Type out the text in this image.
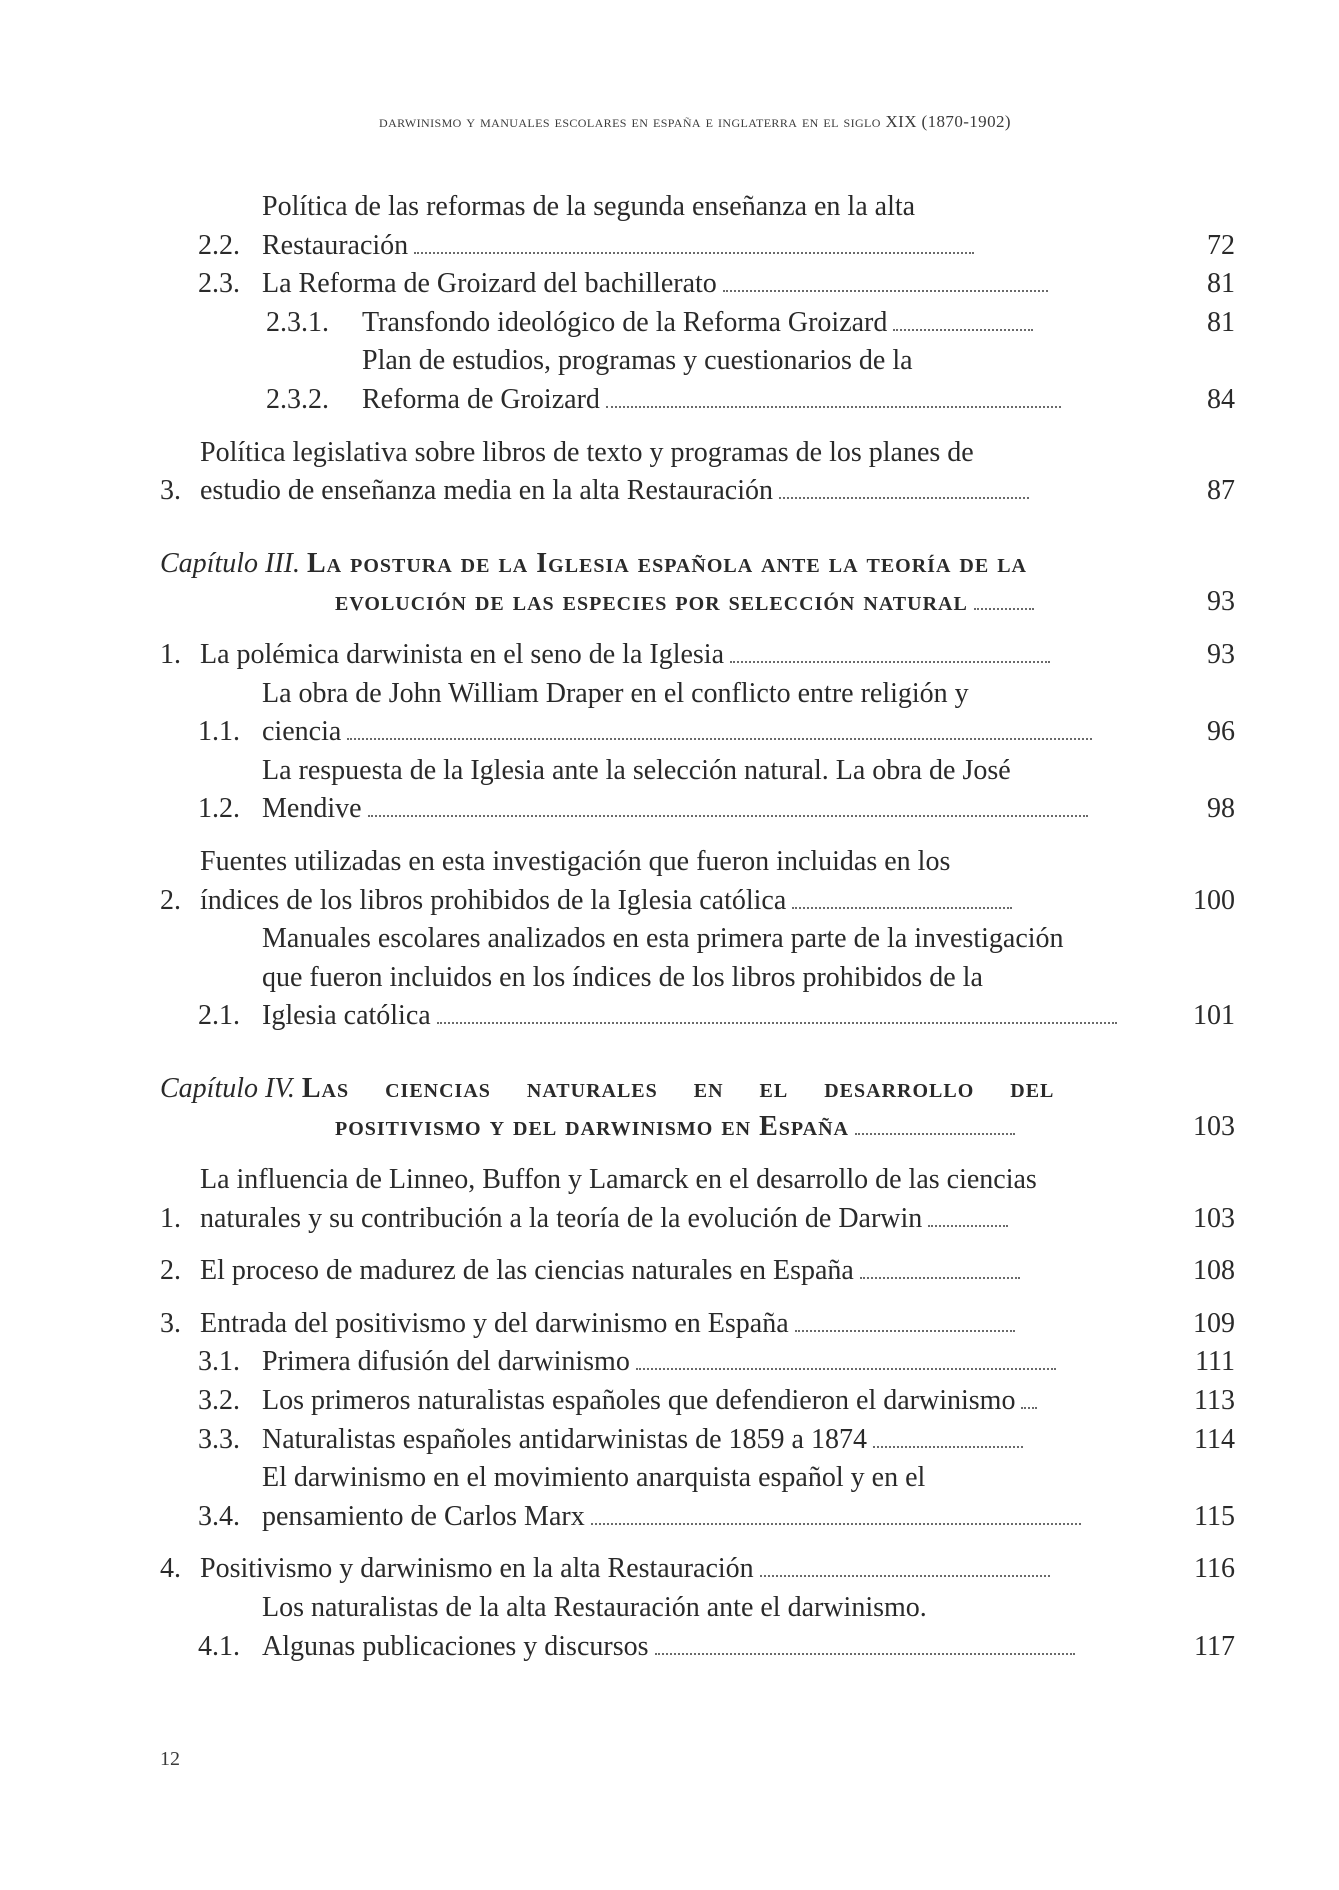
darwinismo y manuales escolares en españa e inglaterra en el siglo XIX (1870-1902)
2.2.
Política de las reformas de la segunda enseñanza en la alta
Restauración	72
2.3. La Reforma de Groizard del bachillerato	81
2.3.1.	Transfondo ideológico de la Reforma Groizard	81
2.3.2.
Plan de estudios, programas y cuestionarios de la
Reforma de Groizard	84
3.
Política legislativa sobre libros de texto y programas de los planes de
estudio de enseñanza media en la alta Restauración	87
Capítulo III. La postura de la Iglesia española ante la teoría de la
evolución de las especies por selección natural	93
1. La polémica darwinista en el seno de la Iglesia	93
1.1.
La obra de John William Draper en el conflicto entre religión y
ciencia	96
1.2.
La respuesta de la Iglesia ante la selección natural. La obra de José
Mendive	98
2.
Fuentes utilizadas en esta investigación que fueron incluidas en los
índices de los libros prohibidos de la Iglesia católica	100
2.1.
Manuales escolares analizados en esta primera parte de la investigación
que fueron incluidos en los índices de los libros prohibidos de la
Iglesia católica	101
Capítulo IV. Las ciencias naturales en el desarrollo del
positivismo y del darwinismo en España	103
1.
La influencia de Linneo, Buffon y Lamarck en el desarrollo de las ciencias
naturales y su contribución a la teoría de la evolución de Darwin	103
2. El proceso de madurez de las ciencias naturales en España	108
3. Entrada del positivismo y del darwinismo en España	109
3.1. Primera difusión del darwinismo	111
3.2. Los primeros naturalistas españoles que defendieron el darwinismo	113
3.3. Naturalistas españoles antidarwinistas de 1859 a 1874	114
3.4.
El darwinismo en el movimiento anarquista español y en el
pensamiento de Carlos Marx	115
4. Positivismo y darwinismo en la alta Restauración	116
4.1.
Los naturalistas de la alta Restauración ante el darwinismo.
Algunas publicaciones y discursos	117
12
